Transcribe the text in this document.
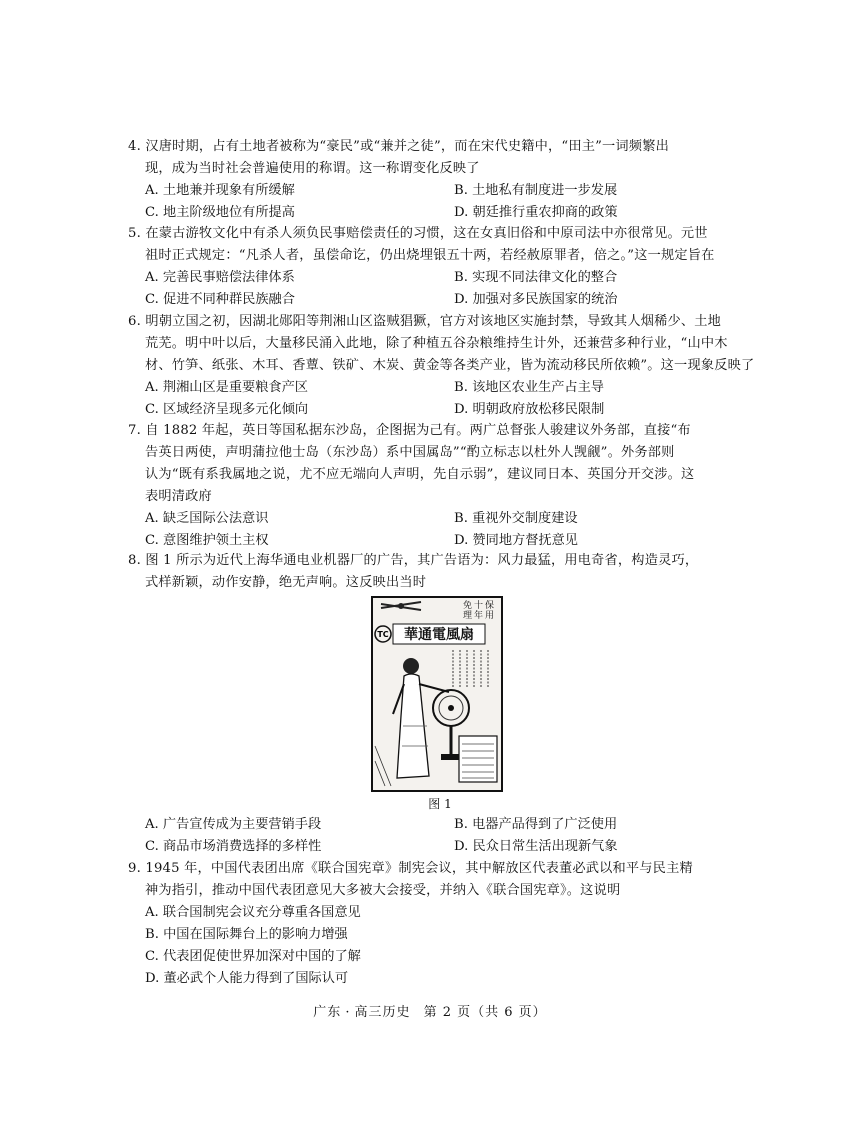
4. 汉唐时期，占有土地者被称为“豪民”或“兼并之徒”，而在宋代史籍中，“田主”一词频繁出
现，成为当时社会普遍使用的称谓。这一称谓变化反映了
A. 土地兼并现象有所缓解	B. 土地私有制度进一步发展
C. 地主阶级地位有所提高	D. 朝廷推行重农抑商的政策
5. 在蒙古游牧文化中有杀人须负民事赔偿责任的习惯，这在女真旧俗和中原司法中亦很常见。元世
祖时正式规定：“凡杀人者，虽偿命讫，仍出烧埋银五十两，若经赦原罪者，倍之。”这一规定旨在
A. 完善民事赔偿法律体系	B. 实现不同法律文化的整合
C. 促进不同种群民族融合	D. 加强对多民族国家的统治
6. 明朝立国之初，因湖北郧阳等荆湘山区盗贼猖獗，官方对该地区实施封禁，导致其人烟稀少、土地
荒芜。明中叶以后，大量移民涌入此地，除了种植五谷杂粮维持生计外，还兼营多种行业，“山中木
材、竹笋、纸张、木耳、香蕈、铁矿、木炭、黄金等各类产业，皆为流动移民所依赖”。这一现象反映了
A. 荆湘山区是重要粮食产区	B. 该地区农业生产占主导
C. 区域经济呈现多元化倾向	D. 明朝政府放松移民限制
7. 自 1882 年起，英日等国私据东沙岛，企图据为己有。两广总督张人骏建议外务部，直接“布
告英日两使，声明蒲拉他士岛（东沙岛）系中国属岛”“酌立标志以杜外人觊觎”。外务部则
认为“既有系我属地之说，尤不应无端向人声明，先自示弱”，建议同日本、英国分开交涉。这
表明清政府
A. 缺乏国际公法意识	B. 重视外交制度建设
C. 意图维护领土主权	D. 赞同地方督抚意见
8. 图 1 所示为近代上海华通电业机器厂的广告，其广告语为：风力最猛，用电奇省，构造灵巧，
式样新颖，动作安静，绝无声响。这反映出当时
TC 華通電風扇
免 十 保
理 年 用
图 1
A. 广告宣传成为主要营销手段	B. 电器产品得到了广泛使用
C. 商品市场消费选择的多样性	D. 民众日常生活出现新气象
9. 1945 年，中国代表团出席《联合国宪章》制宪会议，其中解放区代表董必武以和平与民主精
神为指引，推动中国代表团意见大多被大会接受，并纳入《联合国宪章》。这说明
A. 联合国制宪会议充分尊重各国意见
B. 中国在国际舞台上的影响力增强
C. 代表团促使世界加深对中国的了解
D. 董必武个人能力得到了国际认可
广东 · 高三历史 第 2 页（共 6 页）
